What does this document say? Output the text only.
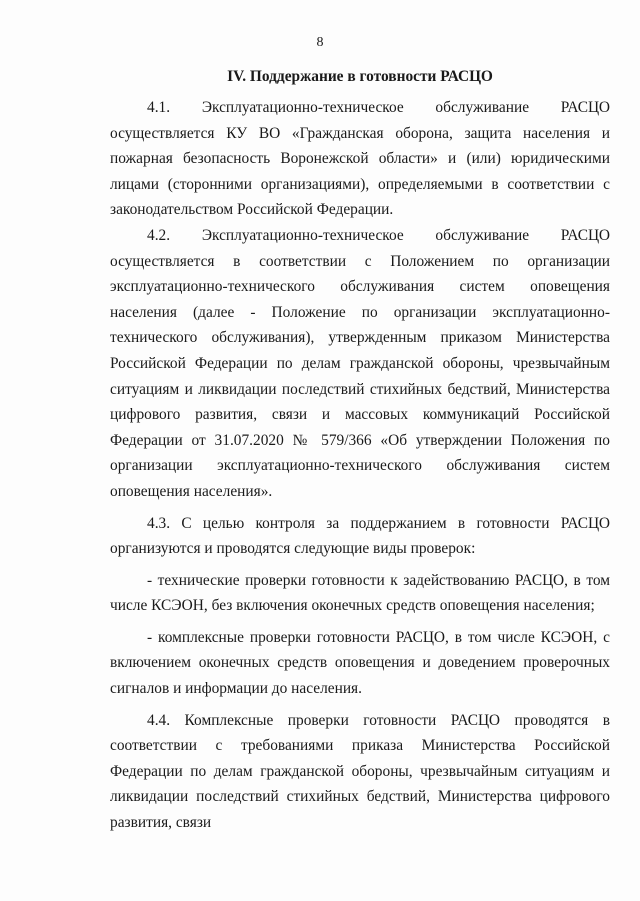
8
IV. Поддержание в готовности РАСЦО

4.1. Эксплуатационно-техническое обслуживание РАСЦО осуществляется КУ ВО «Гражданская оборона, защита населения и пожарная безопасность Воронежской области» и (или) юридическими лицами (сторонними организациями), определяемыми в соответствии с законодательством Российской Федерации.

4.2. Эксплуатационно-техническое обслуживание РАСЦО осуществляется в соответствии с Положением по организации эксплуатационно-технического обслуживания систем оповещения населения (далее - Положение по организации эксплуатационно-технического обслуживания), утвержденным приказом Министерства Российской Федерации по делам гражданской обороны, чрезвычайным ситуациям и ликвидации последствий стихийных бедствий, Министерства цифрового развития, связи и массовых коммуникаций Российской Федерации от 31.07.2020 № 579/366 «Об утверждении Положения по организации эксплуатационно-технического обслуживания систем оповещения населения».

4.3. С целью контроля за поддержанием в готовности РАСЦО организуются и проводятся следующие виды проверок:

- технические проверки готовности к задействованию РАСЦО, в том числе КСЭОН, без включения оконечных средств оповещения населения;

- комплексные проверки готовности РАСЦО, в том числе КСЭОН, с включением оконечных средств оповещения и доведением проверочных сигналов и информации до населения.

4.4. Комплексные проверки готовности РАСЦО проводятся в соответствии с требованиями приказа Министерства Российской Федерации по делам гражданской обороны, чрезвычайным ситуациям и ликвидации последствий стихийных бедствий, Министерства цифрового развития, связи
